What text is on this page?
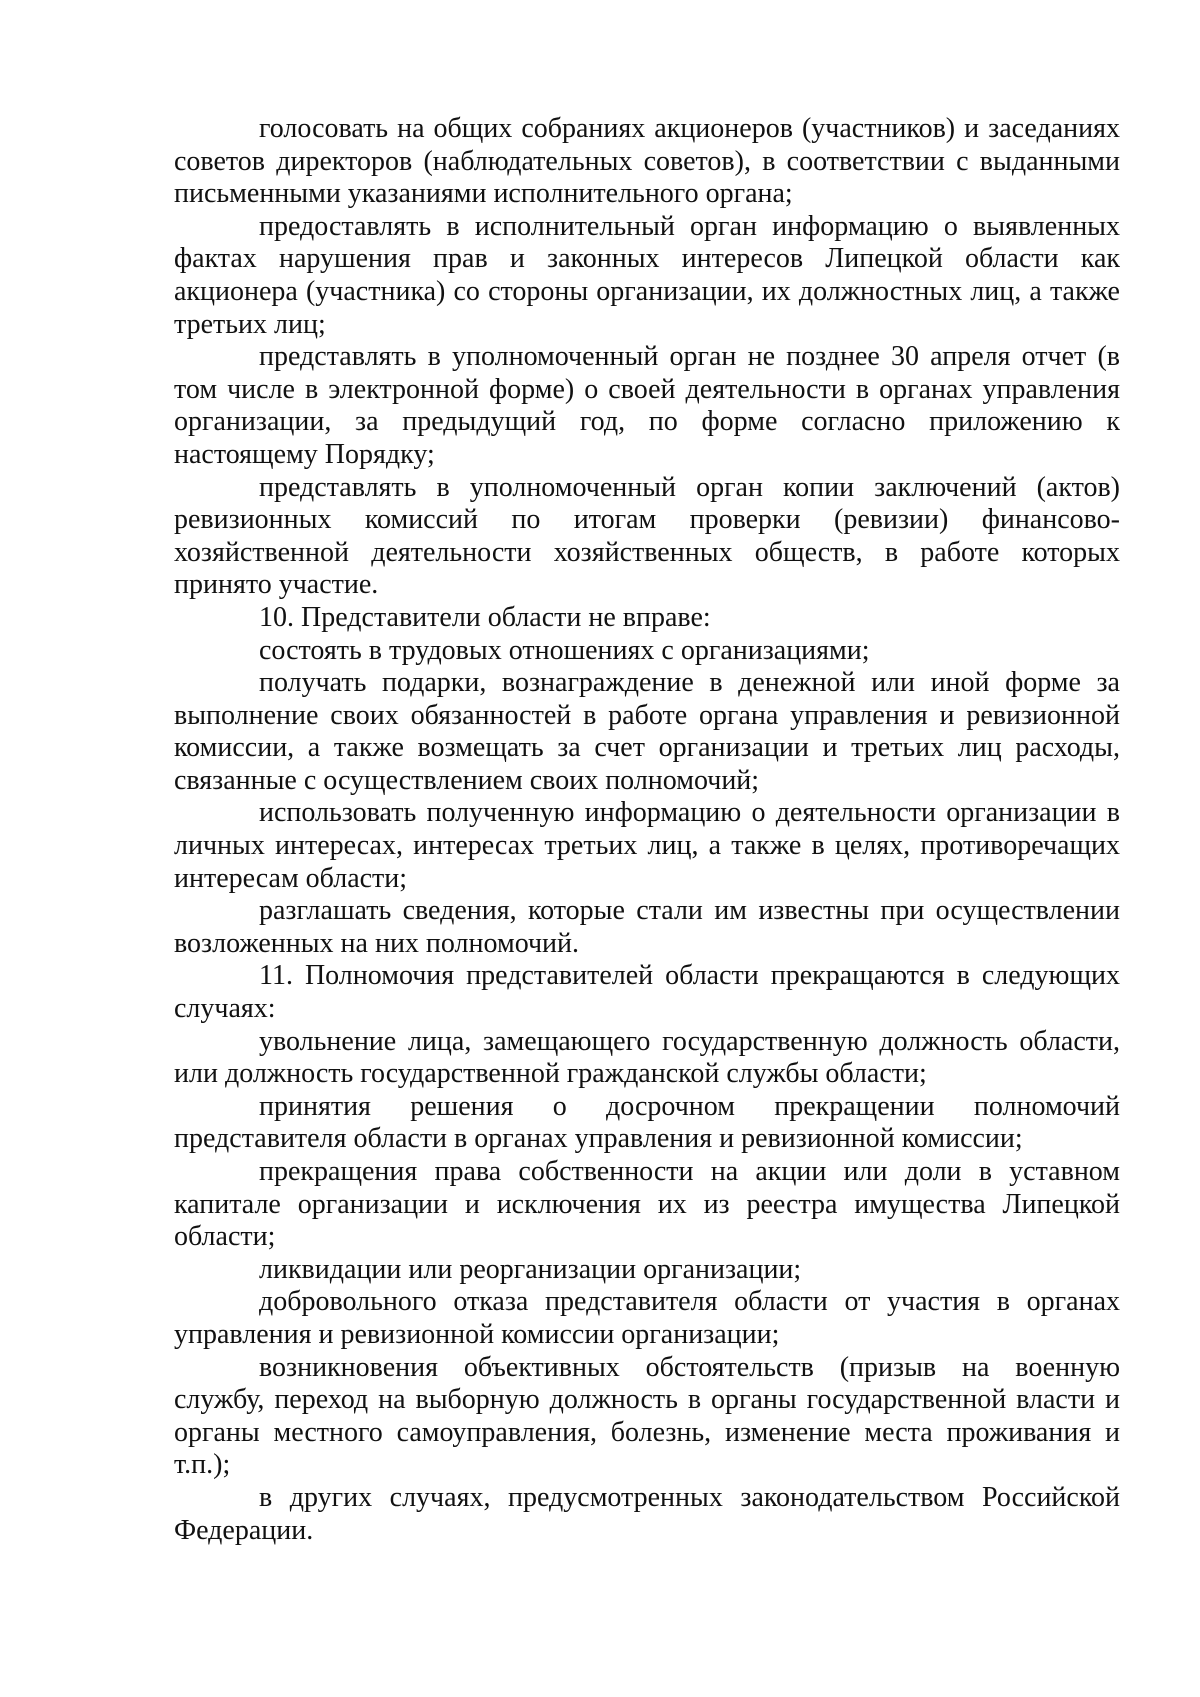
голосовать на общих собраниях акционеров (участников) и заседаниях советов директоров (наблюдательных советов), в соответствии с выданными письменными указаниями исполнительного органа;

предоставлять в исполнительный орган информацию о выявленных фактах нарушения прав и законных интересов Липецкой области как акционера (участника) со стороны организации, их должностных лиц, а также третьих лиц;

представлять в уполномоченный орган не позднее 30 апреля отчет (в том числе в электронной форме) о своей деятельности в органах управления организации, за предыдущий год, по форме согласно приложению к настоящему Порядку;

представлять в уполномоченный орган копии заключений (актов) ревизионных комиссий по итогам проверки (ревизии) финансово-хозяйственной деятельности хозяйственных обществ, в работе которых принято участие.

10. Представители области не вправе:

состоять в трудовых отношениях с организациями;

получать подарки, вознаграждение в денежной или иной форме за выполнение своих обязанностей в работе органа управления и ревизионной комиссии, а также возмещать за счет организации и третьих лиц расходы, связанные с осуществлением своих полномочий;

использовать полученную информацию о деятельности организации в личных интересах, интересах третьих лиц, а также в целях, противоречащих интересам области;

разглашать сведения, которые стали им известны при осуществлении возложенных на них полномочий.

11. Полномочия представителей области прекращаются в следующих случаях:

увольнение лица, замещающего государственную должность области, или должность государственной гражданской службы области;

принятия решения о досрочном прекращении полномочий представителя области в органах управления и ревизионной комиссии;

прекращения права собственности на акции или доли в уставном капитале организации и исключения их из реестра имущества Липецкой области;

ликвидации или реорганизации организации;

добровольного отказа представителя области от участия в органах управления и ревизионной комиссии организации;

возникновения объективных обстоятельств (призыв на военную службу, переход на выборную должность в органы государственной власти и органы местного самоуправления, болезнь, изменение места проживания и т.п.);

в других случаях, предусмотренных законодательством Российской Федерации.
